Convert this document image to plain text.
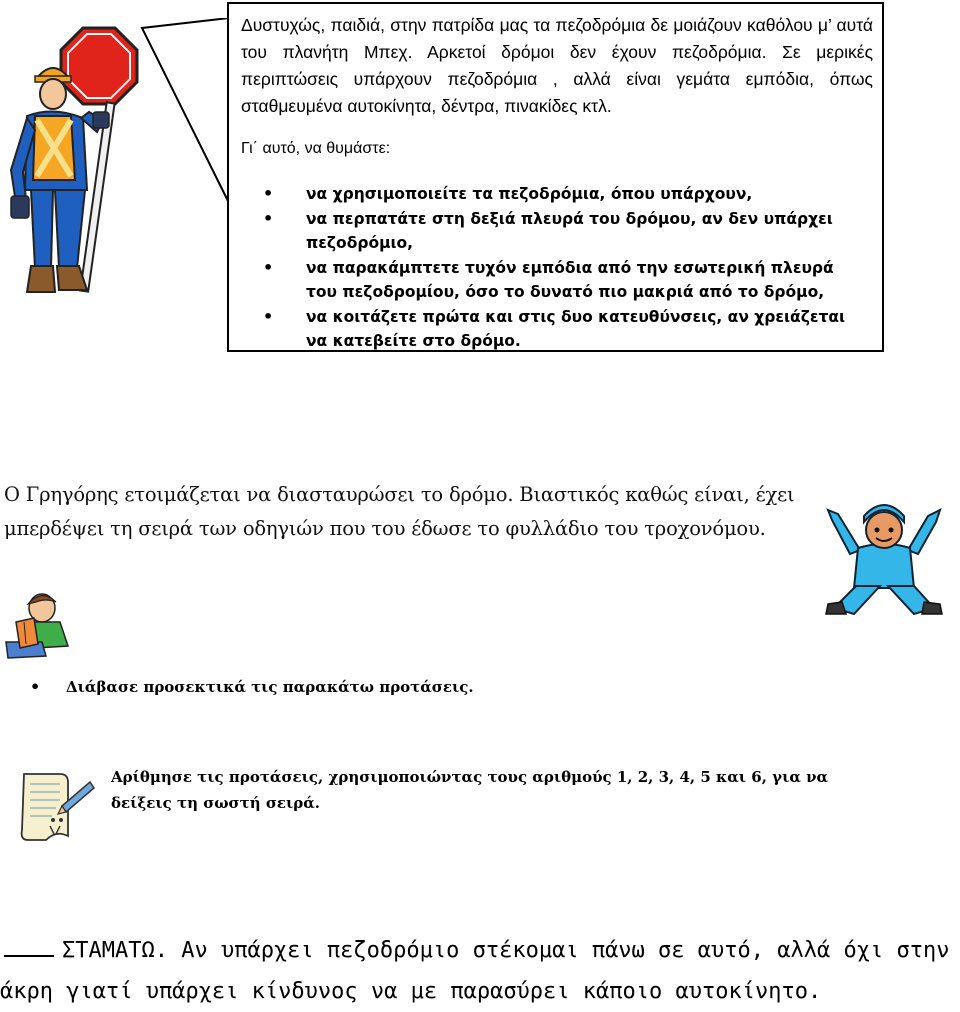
Δυστυχώς, παιδιά, στην πατρίδα μας τα πεζοδρόμια δε μοιάζουν καθόλου μ’ αυτά του πλανήτη Μπεχ. Αρκετοί δρόμοι δεν έχουν πεζοδρόμια. Σε μερικές περιπτώσεις υπάρχουν πεζοδρόμια , αλλά είναι γεμάτα εμπόδια, όπως σταθμευμένα αυτοκίνητα, δέντρα, πινακίδες κτλ.
Γι΄ αυτό, να θυμάστε:
• να χρησιμοποιείτε τα πεζοδρόμια, όπου υπάρχουν,
• να περπατάτε στη δεξιά πλευρά του δρόμου, αν δεν υπάρχει πεζοδρόμιο,
• να παρακάμπτετε τυχόν εμπόδια από την εσωτερική πλευρά του πεζοδρομίου, όσο το δυνατό πιο μακριά από το δρόμο,
• να κοιτάζετε πρώτα και στις δυο κατευθύνσεις, αν χρειάζεται να κατεβείτε στο δρόμο.
Ο Γρηγόρης ετοιμάζεται να διασταυρώσει το δρόμο. Βιαστικός καθώς είναι, έχει μπερδέψει τη σειρά των οδηγιών που του έδωσε το φυλλάδιο του τροχονόμου.
• Διάβασε προσεκτικά τις παρακάτω προτάσεις.
Αρίθμησε τις προτάσεις, χρησιμοποιώντας τους αριθμούς 1, 2, 3, 4, 5 και 6, για να δείξεις τη σωστή σειρά.
ΣΤΑΜΑΤΩ. Αν υπάρχει πεζοδρόμιο στέκομαι πάνω σε αυτό, αλλά όχι στην άκρη γιατί υπάρχει κίνδυνος να με παρασύρει κάποιο αυτοκίνητο.
